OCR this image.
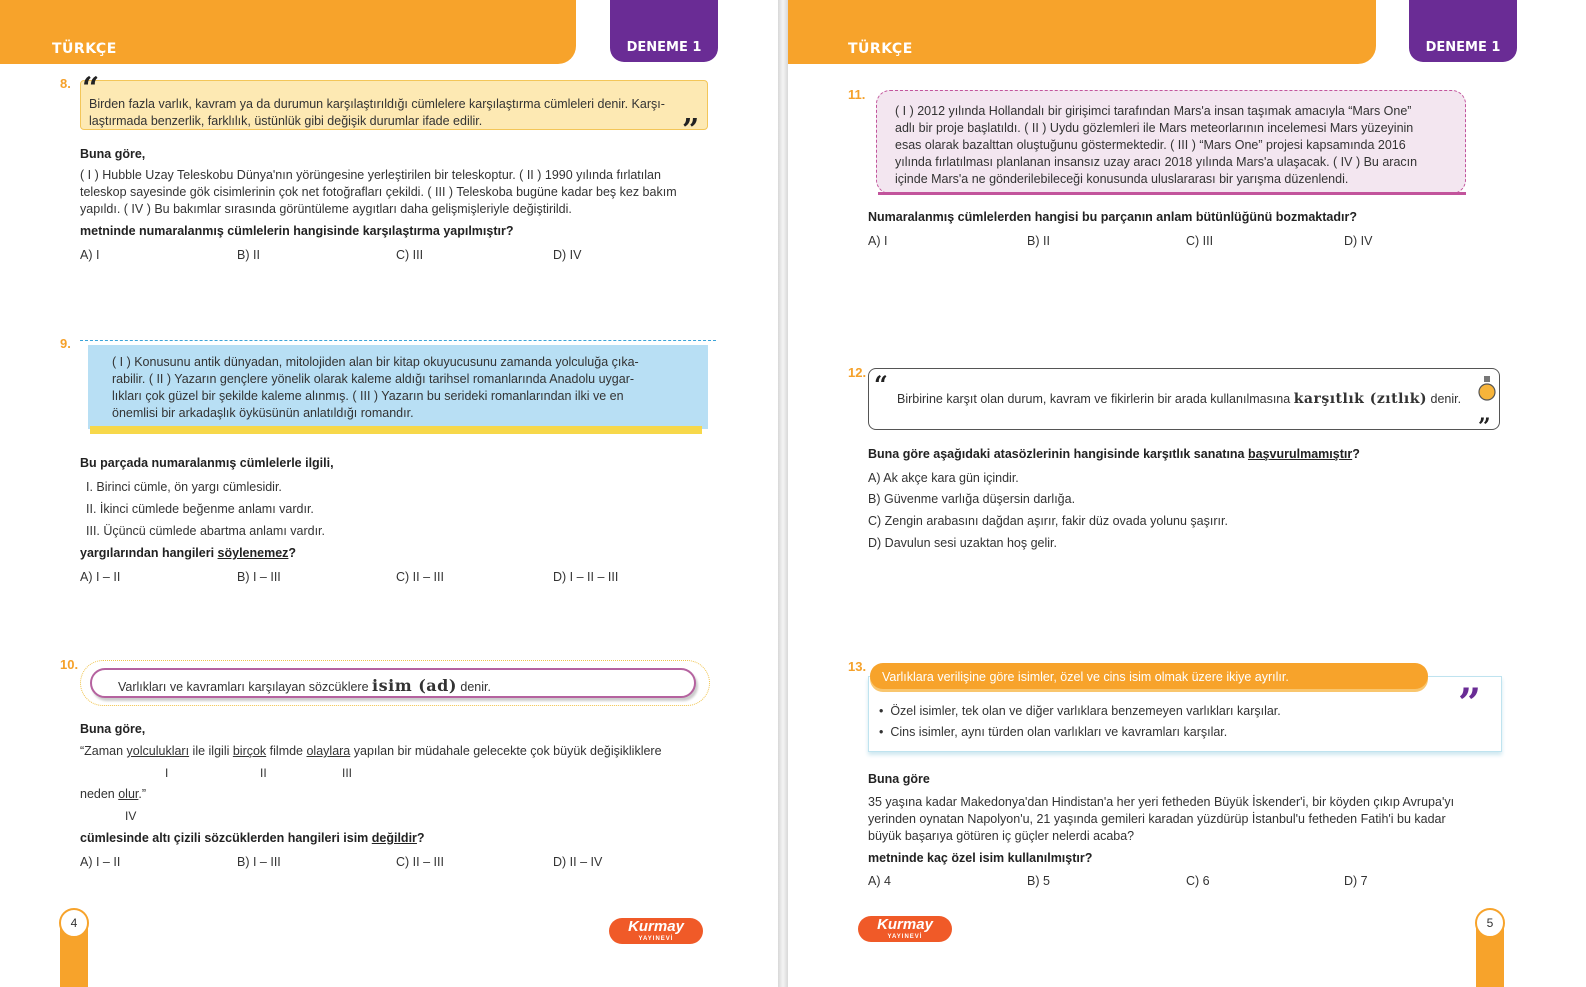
TÜRKÇE	DENEME 1
8.
Birden fazla varlık, kavram ya da durumun karşılaştırıldığı cümlelere karşılaştırma cümleleri denir. Karşı-
laştırmada benzerlik, farklılık, üstünlük gibi değişik durumlar ifade edilir.
“
”
Buna göre,
( I ) Hubble Uzay Teleskobu Dünya'nın yörüngesine yerleştirilen bir teleskoptur. ( II ) 1990 yılında fırlatılan
teleskop sayesinde gök cisimlerinin çok net fotoğrafları çekildi. ( III ) Teleskoba bugüne kadar beş kez bakım
yapıldı. ( IV ) Bu bakımlar sırasında görüntüleme aygıtları daha gelişmişleriyle değiştirildi.
metninde numaralanmış cümlelerin hangisinde karşılaştırma yapılmıştır?
A) I	B) II	C) III	D) IV
9.
( I ) Konusunu antik dünyadan, mitolojiden alan bir kitap okuyucusunu zamanda yolculuğa çıka-
rabilir. ( II ) Yazarın gençlere yönelik olarak kaleme aldığı tarihsel romanlarında Anadolu uygar-
lıkları çok güzel bir şekilde kaleme alınmış. ( III ) Yazarın bu serideki romanlarından ilki ve en
önemlisi bir arkadaşlık öyküsünün anlatıldığı romandır.
Bu parçada numaralanmış cümlelerle ilgili,
I. Birinci cümle, ön yargı cümlesidir.
II. İkinci cümlede beğenme anlamı vardır.
III. Üçüncü cümlede abartma anlamı vardır.
yargılarından hangileri söylenemez?
A) I – II	B) I – III	C) II – III	D) I – II – III
10.
Varlıkları ve kavramları karşılayan sözcüklere isim (ad) denir.
Buna göre,
“Zaman yolculukları ile ilgili birçok filmde olaylara yapılan bir müdahale gelecekte çok büyük değişikliklere
I	II	III
neden olur.”
IV
cümlesinde altı çizili sözcüklerden hangileri isim değildir?
A) I – II	B) I – III	C) II – III	D) II – IV
4	Kurmay
YAYINEVİ
TÜRKÇE	DENEME 1
11.
( I ) 2012 yılında Hollandalı bir girişimci tarafından Mars'a insan taşımak amacıyla “Mars One”
adlı bir proje başlatıldı. ( II ) Uydu gözlemleri ile Mars meteorlarının incelemesi Mars yüzeyinin
esas olarak bazalttan oluştuğunu göstermektedir. ( III ) “Mars One” projesi kapsamında 2016
yılında fırlatılması planlanan insansız uzay aracı 2018 yılında Mars'a ulaşacak. ( IV ) Bu aracın
içinde Mars'a ne gönderilebileceği konusunda uluslararası bir yarışma düzenlendi.
Numaralanmış cümlelerden hangisi bu parçanın anlam bütünlüğünü bozmaktadır?
A) I	B) II	C) III	D) IV
12.
Birbirine karşıt olan durum, kavram ve fikirlerin bir arada kullanılmasına karşıtlık (zıtlık) denir.
“
”
Buna göre aşağıdaki atasözlerinin hangisinde karşıtlık sanatına başvurulmamıştır?
A) Ak akçe kara gün içindir.
B) Güvenme varlığa düşersin darlığa.
C) Zengin arabasını dağdan aşırır, fakir düz ovada yolunu şaşırır.
D) Davulun sesi uzaktan hoş gelir.
13.
•  Özel isimler, tek olan ve diğer varlıklara benzemeyen varlıkları karşılar.
•  Cins isimler, aynı türden olan varlıkları ve kavramları karşılar.
Varlıklara verilişine göre isimler, özel ve cins isim olmak üzere ikiye ayrılır.
”
Buna göre
35 yaşına kadar Makedonya'dan Hindistan'a her yeri fetheden Büyük İskender'i, bir köyden çıkıp Avrupa'yı
yerinden oynatan Napolyon'u, 21 yaşında gemileri karadan yüzdürüp İstanbul'u fetheden Fatih'i bu kadar
büyük başarıya götüren iç güçler nelerdi acaba?
metninde kaç özel isim kullanılmıştır?
A) 4	B) 5	C) 6	D) 7
Kurmay
YAYINEVİ
5
